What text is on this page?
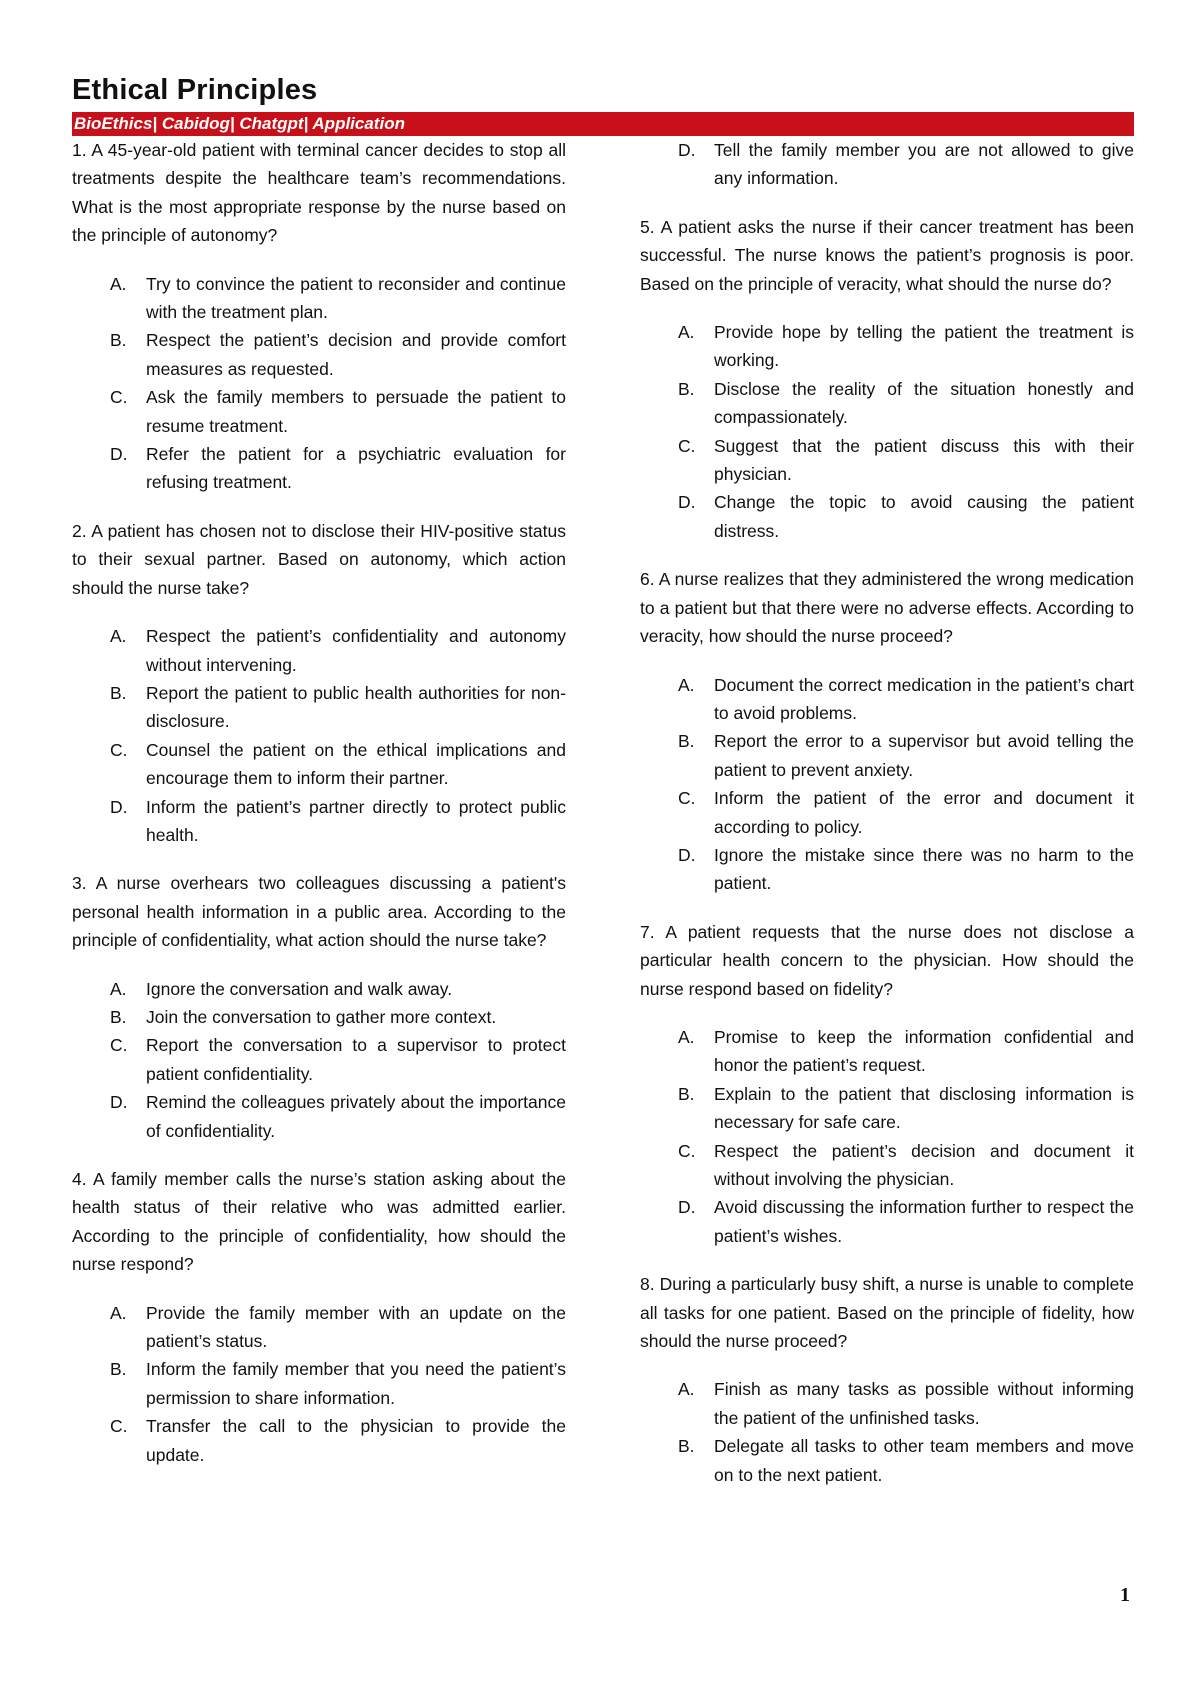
Ethical Principles
BioEthics| Cabidog| Chatgpt| Application

1. A 45-year-old patient with terminal cancer decides to stop all treatments despite the healthcare team’s recommendations. What is the most appropriate response by the nurse based on the principle of autonomy?

A. Try to convince the patient to reconsider and continue with the treatment plan.
B. Respect the patient’s decision and provide comfort measures as requested.
C. Ask the family members to persuade the patient to resume treatment.
D. Refer the patient for a psychiatric evaluation for refusing treatment.

2. A patient has chosen not to disclose their HIV-positive status to their sexual partner. Based on autonomy, which action should the nurse take?

A. Respect the patient’s confidentiality and autonomy without intervening.
B. Report the patient to public health authorities for non-disclosure.
C. Counsel the patient on the ethical implications and encourage them to inform their partner.
D. Inform the patient’s partner directly to protect public health.

3. A nurse overhears two colleagues discussing a patient's personal health information in a public area. According to the principle of confidentiality, what action should the nurse take?

A. Ignore the conversation and walk away.
B. Join the conversation to gather more context.
C. Report the conversation to a supervisor to protect patient confidentiality.
D. Remind the colleagues privately about the importance of confidentiality.

4. A family member calls the nurse’s station asking about the health status of their relative who was admitted earlier. According to the principle of confidentiality, how should the nurse respond?

A. Provide the family member with an update on the patient’s status.
B. Inform the family member that you need the patient’s permission to share information.
C. Transfer the call to the physician to provide the update.
D. Tell the family member you are not allowed to give any information.

5. A patient asks the nurse if their cancer treatment has been successful. The nurse knows the patient’s prognosis is poor. Based on the principle of veracity, what should the nurse do?

A. Provide hope by telling the patient the treatment is working.
B. Disclose the reality of the situation honestly and compassionately.
C. Suggest that the patient discuss this with their physician.
D. Change the topic to avoid causing the patient distress.

6. A nurse realizes that they administered the wrong medication to a patient but that there were no adverse effects. According to veracity, how should the nurse proceed?

A. Document the correct medication in the patient’s chart to avoid problems.
B. Report the error to a supervisor but avoid telling the patient to prevent anxiety.
C. Inform the patient of the error and document it according to policy.
D. Ignore the mistake since there was no harm to the patient.

7. A patient requests that the nurse does not disclose a particular health concern to the physician. How should the nurse respond based on fidelity?

A. Promise to keep the information confidential and honor the patient’s request.
B. Explain to the patient that disclosing information is necessary for safe care.
C. Respect the patient’s decision and document it without involving the physician.
D. Avoid discussing the information further to respect the patient’s wishes.

8. During a particularly busy shift, a nurse is unable to complete all tasks for one patient. Based on the principle of fidelity, how should the nurse proceed?

A. Finish as many tasks as possible without informing the patient of the unfinished tasks.
B. Delegate all tasks to other team members and move on to the next patient.
1
